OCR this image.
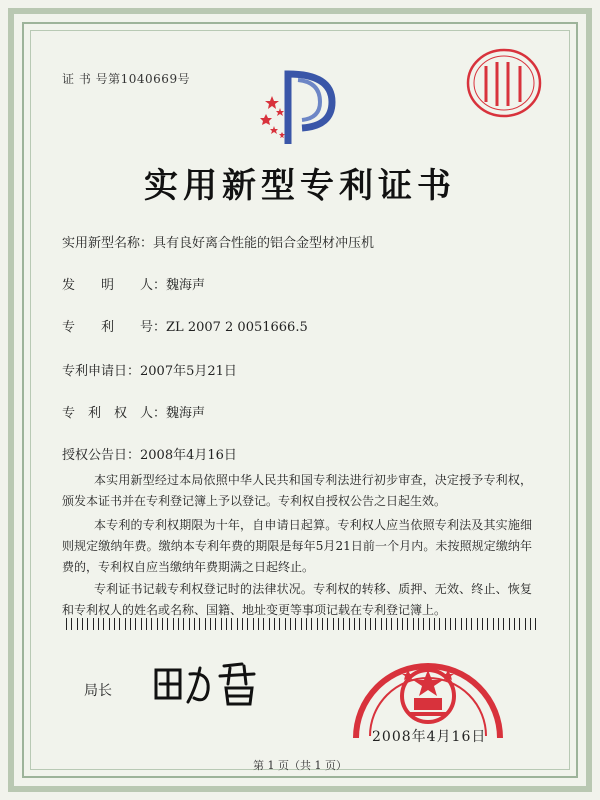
证 书 号第1040669号
实用新型专利证书
实用新型名称：具有良好离合性能的铝合金型材冲压机
发　　明　　人：魏海声
专　　利　　号：ZL 2007 2 0051666.5
专利申请日：2007年5月21日
专　利　权　人：魏海声
授权公告日：2008年4月16日
本实用新型经过本局依照中华人民共和国专利法进行初步审查，决定授予专利权，颁发本证书并在专利登记簿上予以登记。专利权自授权公告之日起生效。
本专利的专利权期限为十年，自申请日起算。专利权人应当依照专利法及其实施细则规定缴纳年费。缴纳本专利年费的期限是每年5月21日前一个月内。未按照规定缴纳年费的，专利权自应当缴纳年费期满之日起终止。
专利证书记载专利权登记时的法律状况。专利权的转移、质押、无效、终止、恢复和专利权人的姓名或名称、国籍、地址变更等事项记载在专利登记簿上。
局长
2008年4月16日
第 1 页（共 1 页）
